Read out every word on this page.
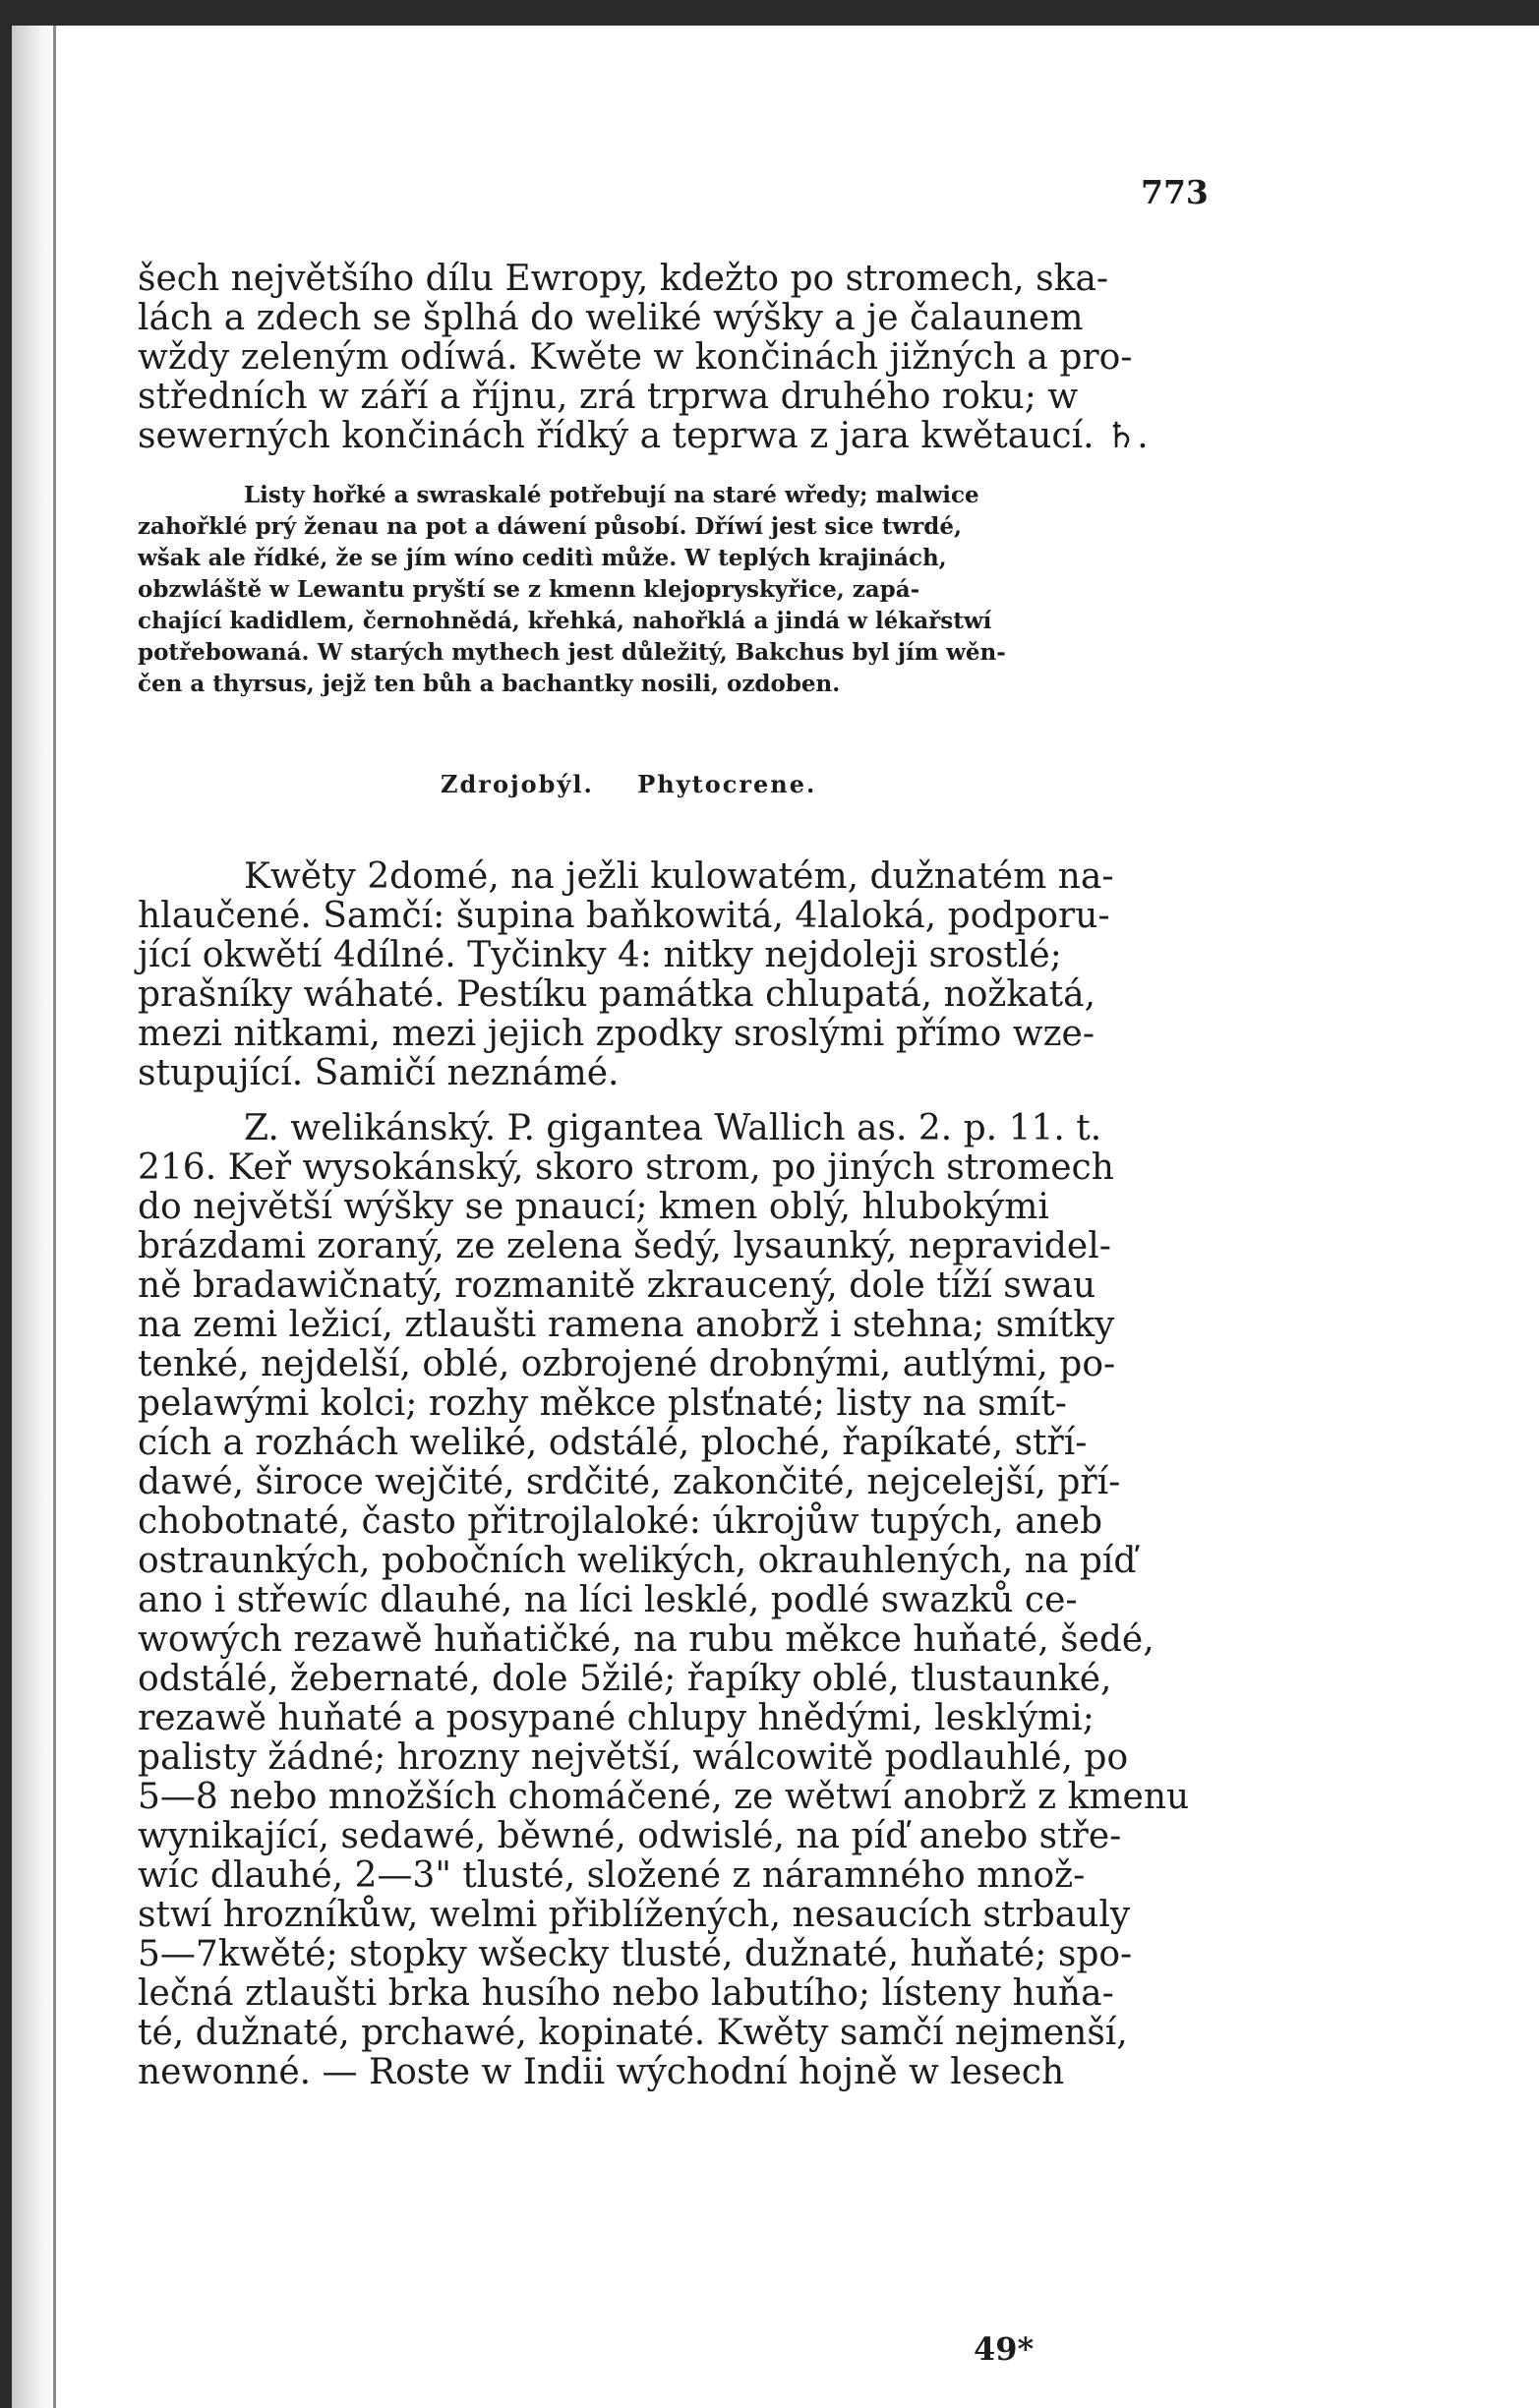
773
šech největšího dílu Ewropy, kdežto po stromech, ska-
lách a zdech se šplhá do weliké wýšky a je čalaunem
wždy zeleným odíwá. Kwěte w končinách jižných a pro-
středních w září a říjnu, zrá trprwa druhého roku; w
sewerných končinách řídký a teprwa z jara kwětaucí. ♄.
Listy hořké a swraskalé potřebují na staré wředy; malwice
zahořklé prý ženau na pot a dáwení působí. Dříwí jest sice twrdé,
wšak ale řídké, že se jím wíno ceditì může. W teplých krajinách,
obzwláště w Lewantu pryští se z kmenn klejopryskyřice, zapá-
chající kadidlem, černohnědá, křehká, nahořklá a jindá w lékařstwí
potřebowaná. W starých mythech jest důležitý, Bakchus byl jím wěn-
čen a thyrsus, jejž ten bůh a bachantky nosili, ozdoben.
Zdrojobýl. Phytocrene.
Kwěty 2domé, na ježli kulowatém, dužnatém na-
hlaučené. Samčí: šupina baňkowitá, 4laloká, podporu-
jící okwětí 4dílné. Tyčinky 4: nitky nejdoleji srostlé;
prašníky wáhaté. Pestíku památka chlupatá, nožkatá,
mezi nitkami, mezi jejich zpodky sroslými přímo wze-
stupující. Samičí neznámé.
Z. welikánský. P. gigantea Wallich as. 2. p. 11. t.
216. Keř wysokánský, skoro strom, po jiných stromech
do největší wýšky se pnaucí; kmen oblý, hlubokými
brázdami zoraný, ze zelena šedý, lysaunký, nepravidel-
ně bradawičnatý, rozmanitě zkraucený, dole tíží swau
na zemi ležicí, ztlaušti ramena anobrž i stehna; smítky
tenké, nejdelší, oblé, ozbrojené drobnými, autlými, po-
pelawými kolci; rozhy měkce plsťnaté; listy na smít-
cích a rozhách weliké, odstálé, ploché, řapíkaté, stří-
dawé, široce wejčité, srdčité, zakončité, nejcelejší, pří-
chobotnaté, často přitrojlaloké: úkrojůw tupých, aneb
ostraunkých, pobočních welikých, okrauhlených, na píď
ano i střewíc dlauhé, na líci lesklé, podlé swazků ce-
wowých rezawě huňatičké, na rubu měkce huňaté, šedé,
odstálé, žebernaté, dole 5žilé; řapíky oblé, tlustaunké,
rezawě huňaté a posypané chlupy hnědými, lesklými;
palisty žádné; hrozny největší, wálcowitě podlauhlé, po
5—8 nebo množších chomáčené, ze wětwí anobrž z kmenu
wynikající, sedawé, běwné, odwislé, na píď anebo stře-
wíc dlauhé, 2—3" tlusté, složené z náramného množ-
stwí hrozníkůw, welmi přiblížených, nesaucích strbauly
5—7kwěté; stopky wšecky tlusté, dužnaté, huňaté; spo-
lečná ztlaušti brka husího nebo labutího; lístenу huňa-
té, dužnaté, prchawé, kopinaté. Kwěty samčí nejmenší,
newonné. — Roste w Indii wýchodní hojně w lesech
49*
